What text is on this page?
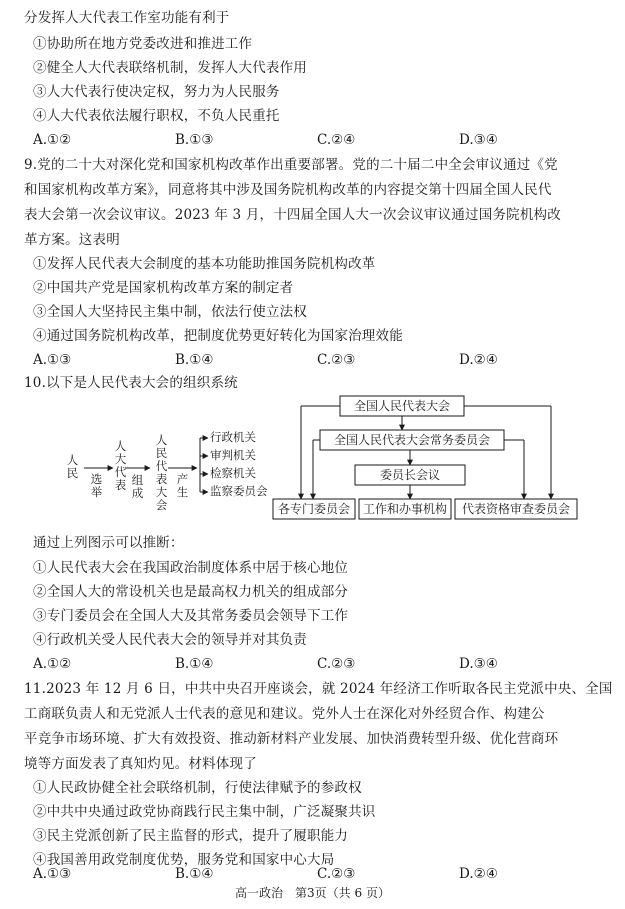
分发挥人大代表工作室功能有利于
①协助所在地方党委改进和推进工作
②健全人大代表联络机制，发挥人大代表作用
③人大代表行使决定权，努力为人民服务
④人大代表依法履行职权，不负人民重托
A.①②	B.①③	C.②④	D.③④
9.党的二十大对深化党和国家机构改革作出重要部署。党的二十届二中全会审议通过《党
和国家机构改革方案》，同意将其中涉及国务院机构改革的内容提交第十四届全国人民代
表大会第一次会议审议。2023 年 3 月，十四届全国人大一次会议审议通过国务院机构改
革方案。这表明
①发挥人民代表大会制度的基本功能助推国务院机构改革
②中国共产党是国家机构改革方案的制定者
③全国人大坚持民主集中制，依法行使立法权
④通过国务院机构改革，把制度优势更好转化为国家治理效能
A.①③	B.①④	C.②③	D.②④
10.以下是人民代表大会的组织系统
人民 选举
人大代表 组成
人民代表大会
产生
行政机关
审判机关
检察机关
监察委员会
全国人民代表大会
全国人民代表大会常务委员会
委员长会议
各专门委员会	工作和办事机构	代表资格审查委员会
通过上列图示可以推断：
①人民代表大会在我国政治制度体系中居于核心地位
②全国人大的常设机关也是最高权力机关的组成部分
③专门委员会在全国人大及其常务委员会领导下工作
④行政机关受人民代表大会的领导并对其负责
A.①②	B.①④	C.②③	D.③④
11.2023 年 12 月 6 日，中共中央召开座谈会，就 2024 年经济工作听取各民主党派中央、全国
工商联负责人和无党派人士代表的意见和建议。党外人士在深化对外经贸合作、构建公
平竞争市场环境、扩大有效投资、推动新材料产业发展、加快消费转型升级、优化营商环
境等方面发表了真知灼见。材料体现了
①人民政协健全社会联络机制，行使法律赋予的参政权
②中共中央通过政党协商践行民主集中制，广泛凝聚共识
③民主党派创新了民主监督的形式，提升了履职能力
④我国善用政党制度优势，服务党和国家中心大局
A.①③	B.①④	C.②③	D.②④
高一政治　第3页（共 6 页）
